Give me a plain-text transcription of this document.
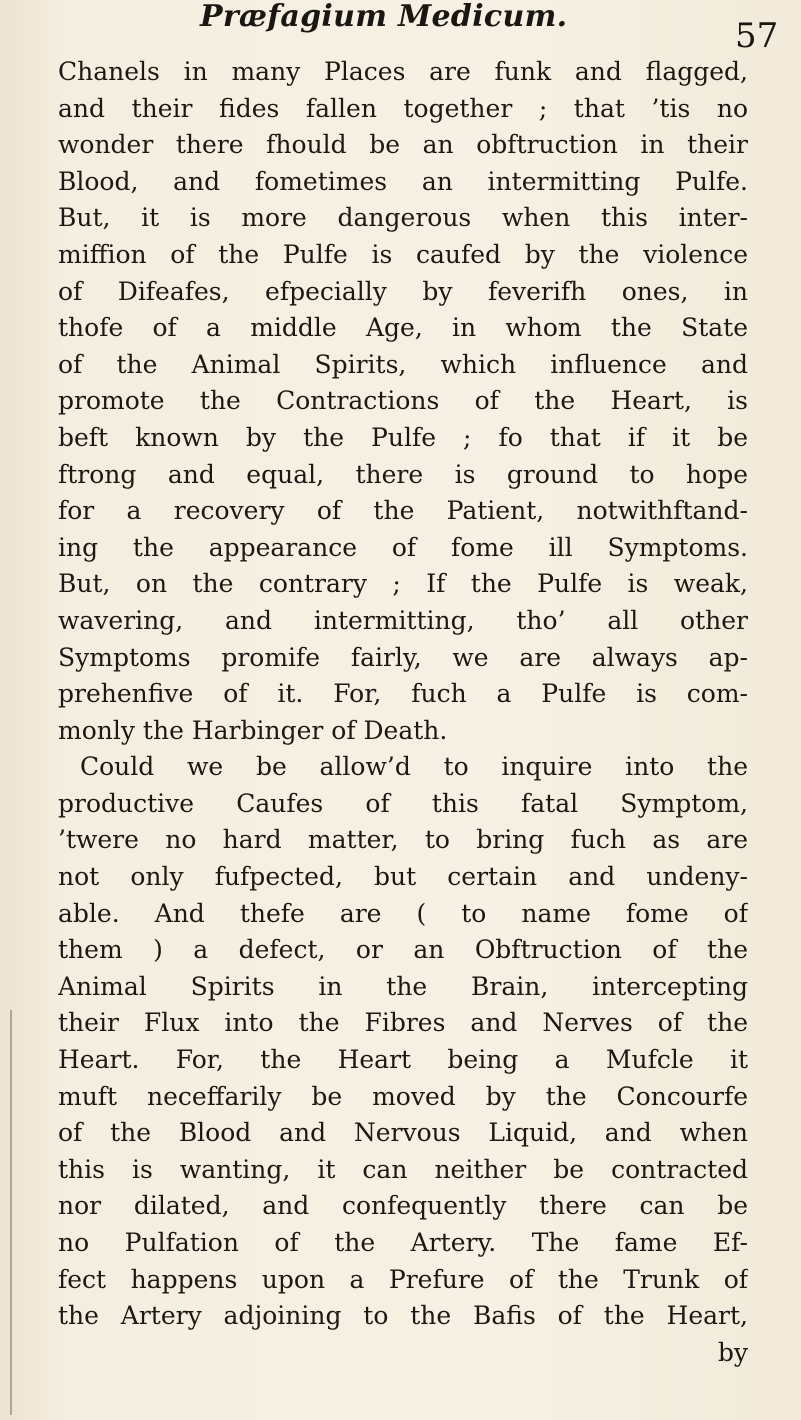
Præfagium Medicum.	57
Chanels in many Places are funk and flagged,
and their fides fallen together ; that ’tis no
wonder there fhould be an obftruction in their
Blood, and fometimes an intermitting Pulfe.
But, it is more dangerous when this inter-
miffion of the Pulfe is caufed by the violence
of Difeafes, efpecially by feverifh ones, in
thofe of a middle Age, in whom the State
of the Animal Spirits, which influence and
promote the Contractions of the Heart, is
beft known by the Pulfe ; fo that if it be
ftrong and equal, there is ground to hope
for a recovery of the Patient, notwithftand-
ing the appearance of fome ill Symptoms.
But, on the contrary ; If the Pulfe is weak,
wavering, and intermitting, tho’ all other
Symptoms promife fairly, we are always ap-
prehenfive of it. For, fuch a Pulfe is com-
monly the Harbinger of Death.
Could we be allow’d to inquire into the
productive Caufes of this fatal Symptom,
’twere no hard matter, to bring fuch as are
not only fufpected, but certain and undeny-
able. And thefe are ( to name fome of
them ) a defect, or an Obftruction of the
Animal Spirits in the Brain, intercepting
their Flux into the Fibres and Nerves of the
Heart. For, the Heart being a Mufcle it
muft neceffarily be moved by the Concourfe
of the Blood and Nervous Liquid, and when
this is wanting, it can neither be contracted
nor dilated, and confequently there can be
no Pulfation of the Artery. The fame Ef-
fect happens upon a Prefure of the Trunk of
the Artery adjoining to the Bafis of the Heart,
by
